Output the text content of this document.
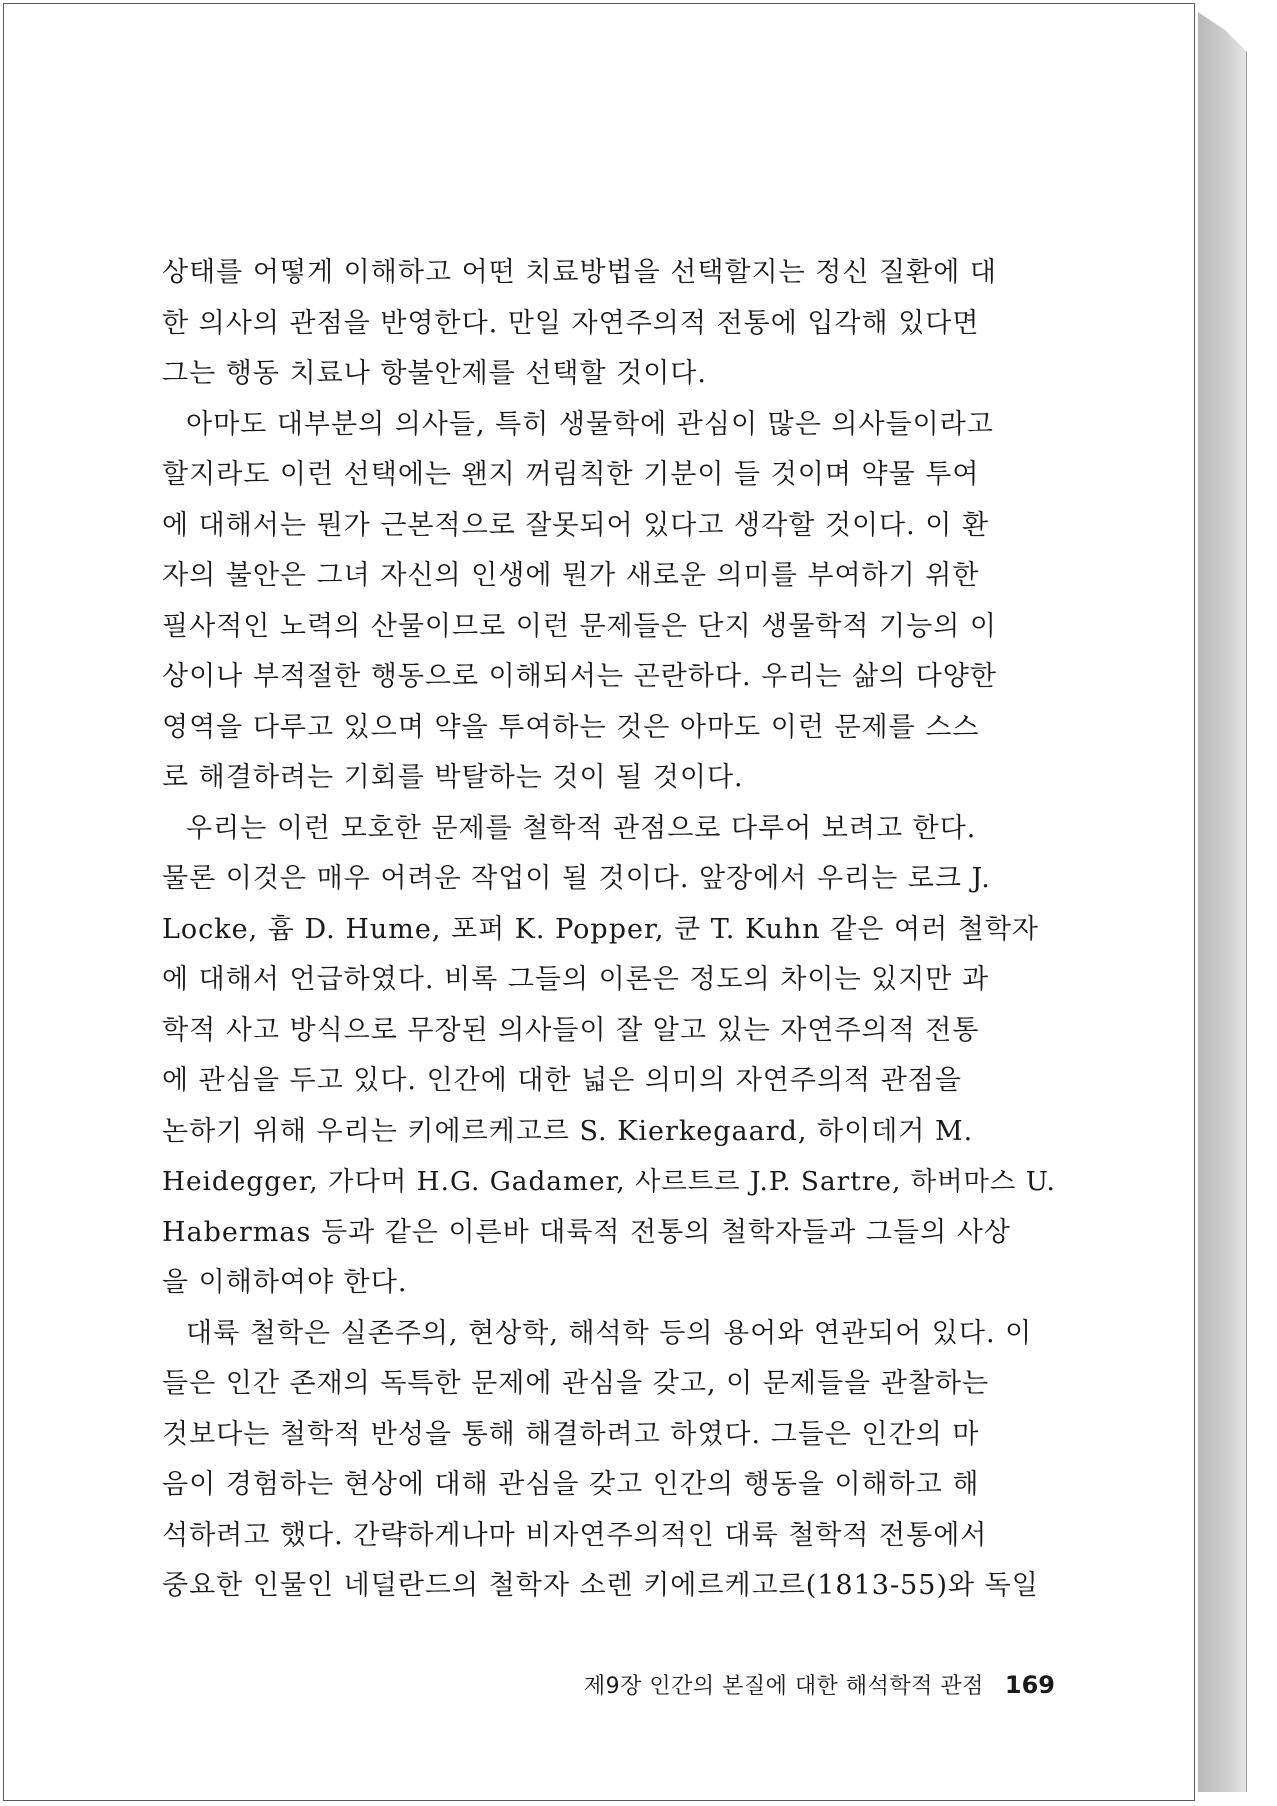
상태를 어떻게 이해하고 어떤 치료방법을 선택할지는 정신 질환에 대
한 의사의 관점을 반영한다. 만일 자연주의적 전통에 입각해 있다면
그는 행동 치료나 항불안제를 선택할 것이다.
아마도 대부분의 의사들, 특히 생물학에 관심이 많은 의사들이라고
할지라도 이런 선택에는 왠지 꺼림칙한 기분이 들 것이며 약물 투여
에 대해서는 뭔가 근본적으로 잘못되어 있다고 생각할 것이다. 이 환
자의 불안은 그녀 자신의 인생에 뭔가 새로운 의미를 부여하기 위한
필사적인 노력의 산물이므로 이런 문제들은 단지 생물학적 기능의 이
상이나 부적절한 행동으로 이해되서는 곤란하다. 우리는 삶의 다양한
영역을 다루고 있으며 약을 투여하는 것은 아마도 이런 문제를 스스
로 해결하려는 기회를 박탈하는 것이 될 것이다.
우리는 이런 모호한 문제를 철학적 관점으로 다루어 보려고 한다.
물론 이것은 매우 어려운 작업이 될 것이다. 앞장에서 우리는 로크 J.
Locke, 흄 D. Hume, 포퍼 K. Popper, 쿤 T. Kuhn 같은 여러 철학자
에 대해서 언급하였다. 비록 그들의 이론은 정도의 차이는 있지만 과
학적 사고 방식으로 무장된 의사들이 잘 알고 있는 자연주의적 전통
에 관심을 두고 있다. 인간에 대한 넓은 의미의 자연주의적 관점을
논하기 위해 우리는 키에르케고르 S. Kierkegaard, 하이데거 M.
Heidegger, 가다머 H.G. Gadamer, 사르트르 J.P. Sartre, 하버마스 U.
Habermas 등과 같은 이른바 대륙적 전통의 철학자들과 그들의 사상
을 이해하여야 한다.
대륙 철학은 실존주의, 현상학, 해석학 등의 용어와 연관되어 있다. 이
들은 인간 존재의 독특한 문제에 관심을 갖고, 이 문제들을 관찰하는
것보다는 철학적 반성을 통해 해결하려고 하였다. 그들은 인간의 마
음이 경험하는 현상에 대해 관심을 갖고 인간의 행동을 이해하고 해
석하려고 했다. 간략하게나마 비자연주의적인 대륙 철학적 전통에서
중요한 인물인 네덜란드의 철학자 소렌 키에르케고르(1813-55)와 독일
제9장 인간의 본질에 대한 해석학적 관점 169
